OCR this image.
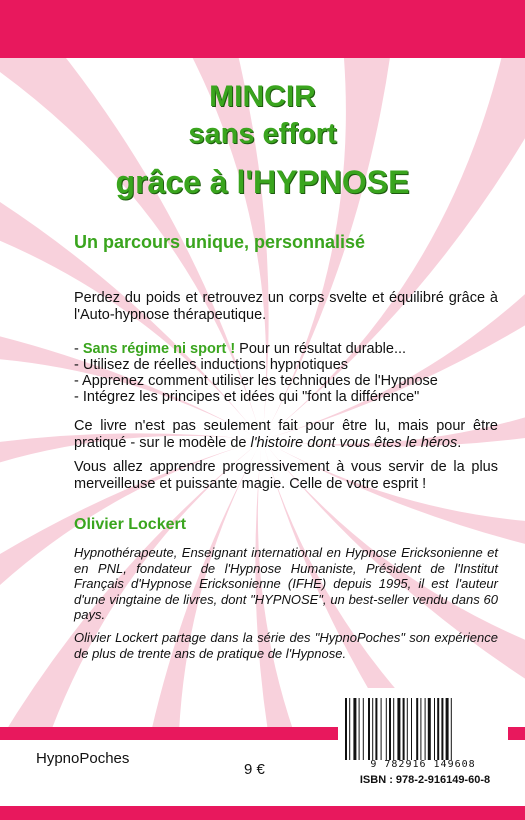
MINCIR
sans effort
grâce à l'HYPNOSE
Un parcours unique, personnalisé
Perdez du poids et retrouvez un corps svelte et équilibré grâce à l'Auto-hypnose thérapeutique.
- Sans régime ni sport ! Pour un résultat durable...
- Utilisez de réelles inductions hypnotiques
- Apprenez comment utiliser les techniques de l'Hypnose
- Intégrez les principes et idées qui "font la différence"
Ce livre n'est pas seulement fait pour être lu, mais pour être pratiqué - sur le modèle de l'histoire dont vous êtes le héros.
Vous allez apprendre progressivement à vous servir de la plus merveilleuse et puissante magie. Celle de votre esprit !
Olivier Lockert
Hypnothérapeute, Enseignant international en Hypnose Ericksonienne et en PNL, fondateur de l'Hypnose Humaniste, Président de l'Institut Français d'Hypnose Ericksonienne (IFHE) depuis 1995, il est l'auteur d'une vingtaine de livres, dont "HYPNOSE", un best-seller vendu dans 60 pays.
Olivier Lockert partage dans la série des "HypnoPoches" son expérience de plus de trente ans de pratique de l'Hypnose.
HypnoPoches
9 €	9 782916 149608
ISBN : 978-2-916149-60-8
